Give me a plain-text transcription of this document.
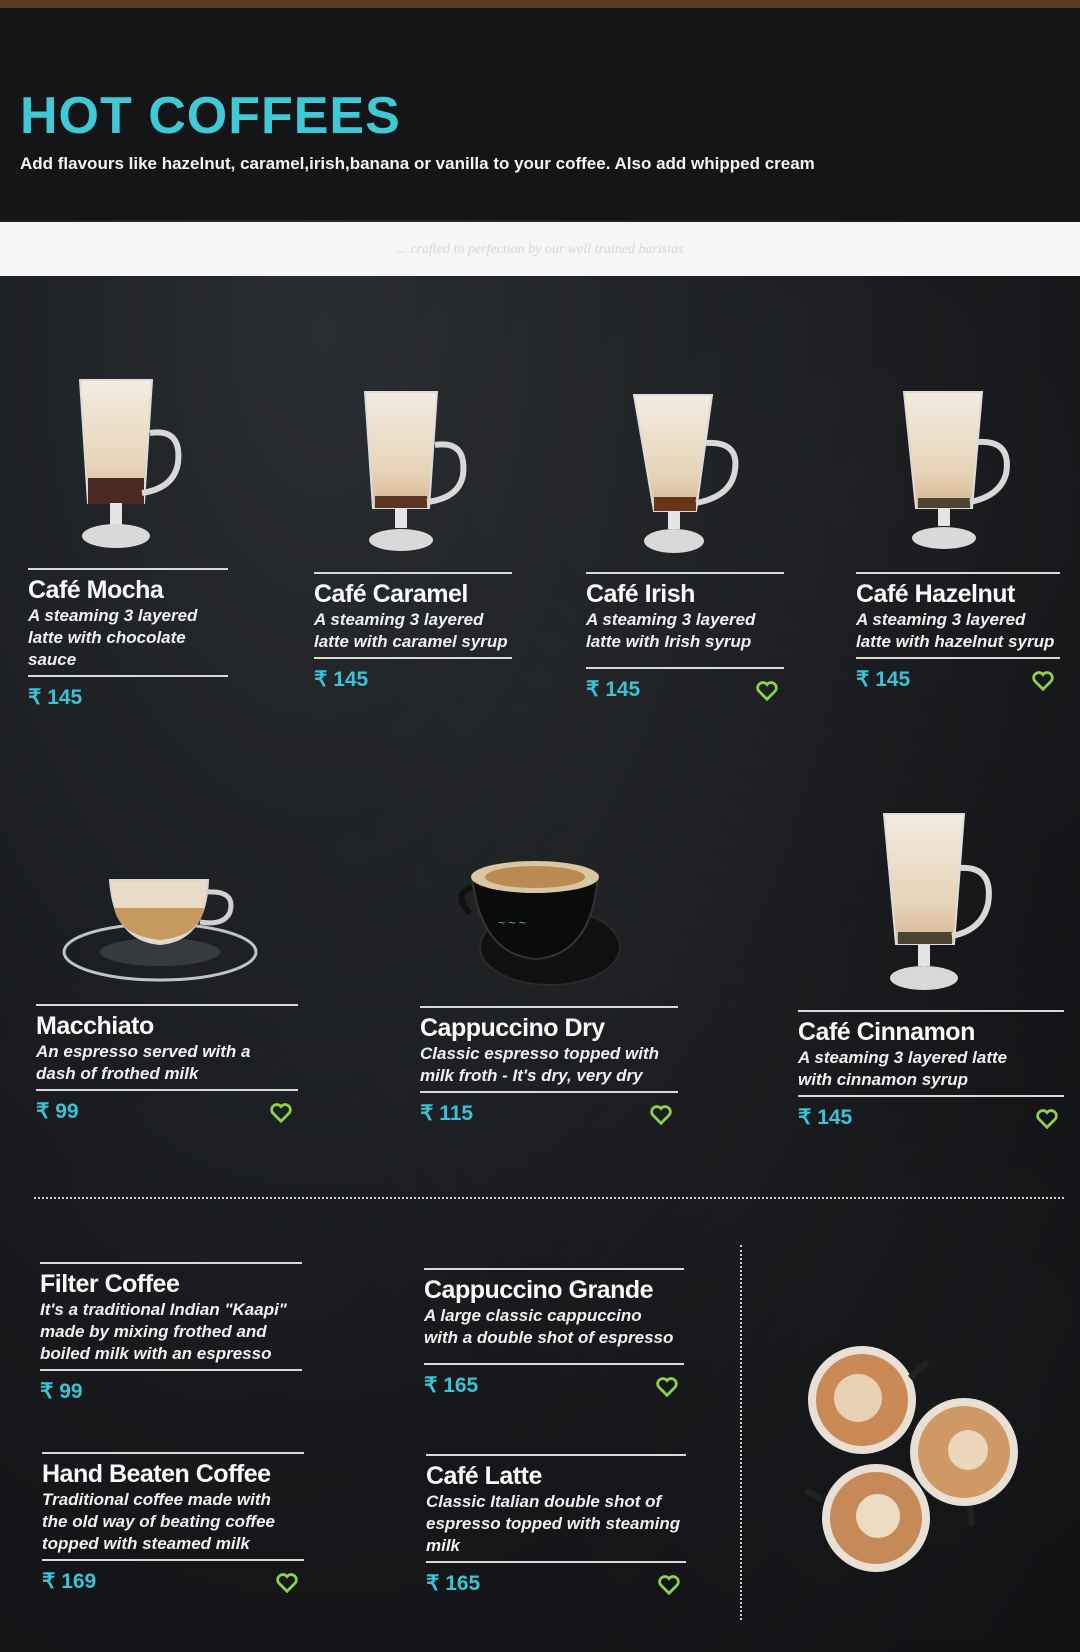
HOT COFFEES
Add flavours like hazelnut, caramel,irish,banana or vanilla to your coffee. Also add whipped cream
... crafted to perfection by our well trained baristas
Café Mocha
A steaming 3 layered latte with chocolate sauce
₹ 145
Café Caramel
A steaming 3 layered latte with caramel syrup
₹ 145
Café Irish
A steaming 3 layered latte with Irish syrup
₹ 145
Café Hazelnut
A steaming 3 layered latte with hazelnut syrup
₹ 145
~ ~ ~
Macchiato
An espresso served with a dash of frothed milk
₹ 99
Cappuccino Dry
Classic espresso topped with milk froth - It's dry, very dry
₹ 115
Café Cinnamon
A steaming 3 layered latte with cinnamon syrup
₹ 145
Filter Coffee
It's a traditional Indian "Kaapi" made by mixing frothed and boiled milk with an espresso
₹ 99
Cappuccino Grande
A large classic cappuccino with a double shot of espresso
₹ 165
Hand Beaten Coffee
Traditional coffee made with the old way of beating coffee topped with steamed milk
₹ 169
Café Latte
Classic Italian double shot of espresso topped with steaming milk
₹ 165
